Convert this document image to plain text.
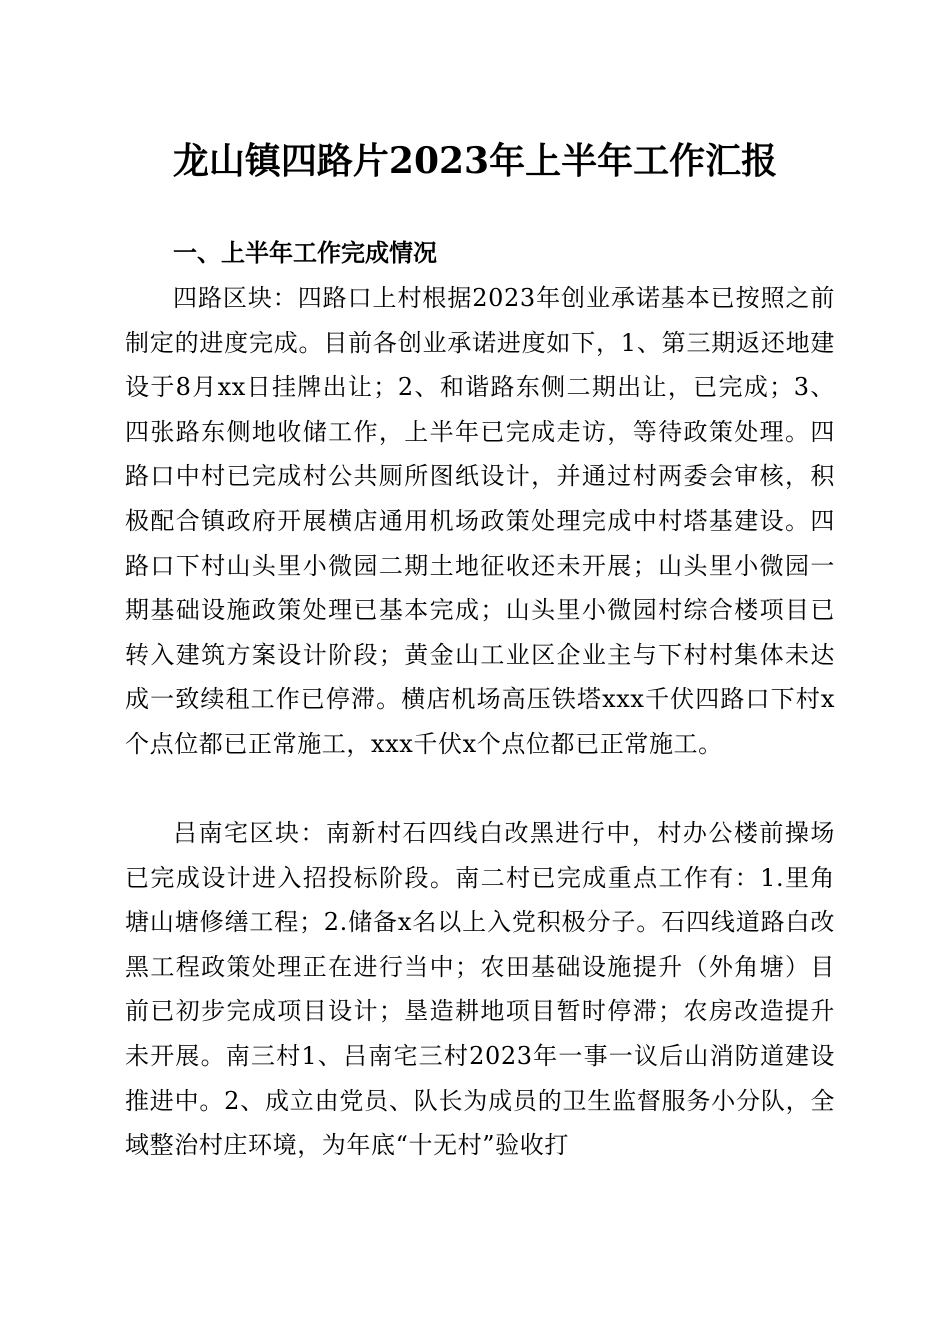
龙山镇四路片2023年上半年工作汇报
一、上半年工作完成情况

四路区块：四路口上村根据2023年创业承诺基本已按照之前制定的进度完成。目前各创业承诺进度如下，1、第三期返还地建设于8月xx日挂牌出让；2、和谐路东侧二期出让，已完成；3、四张路东侧地收储工作，上半年已完成走访，等待政策处理。四路口中村已完成村公共厕所图纸设计，并通过村两委会审核，积极配合镇政府开展横店通用机场政策处理完成中村塔基建设。四路口下村山头里小微园二期土地征收还未开展；山头里小微园一期基础设施政策处理已基本完成；山头里小微园村综合楼项目已转入建筑方案设计阶段；黄金山工业区企业主与下村村集体未达成一致续租工作已停滞。横店机场高压铁塔xxx千伏四路口下村x个点位都已正常施工，xxx千伏x个点位都已正常施工。

吕南宅区块：南新村石四线白改黑进行中，村办公楼前操场已完成设计进入招投标阶段。南二村已完成重点工作有：1.里角塘山塘修缮工程；2.储备x名以上入党积极分子。石四线道路白改黑工程政策处理正在进行当中；农田基础设施提升（外角塘）目前已初步完成项目设计；垦造耕地项目暂时停滞；农房改造提升未开展。南三村1、吕南宅三村2023年一事一议后山消防道建设推进中。2、成立由党员、队长为成员的卫生监督服务小分队，全域整治村庄环境，为年底“十无村”验收打
